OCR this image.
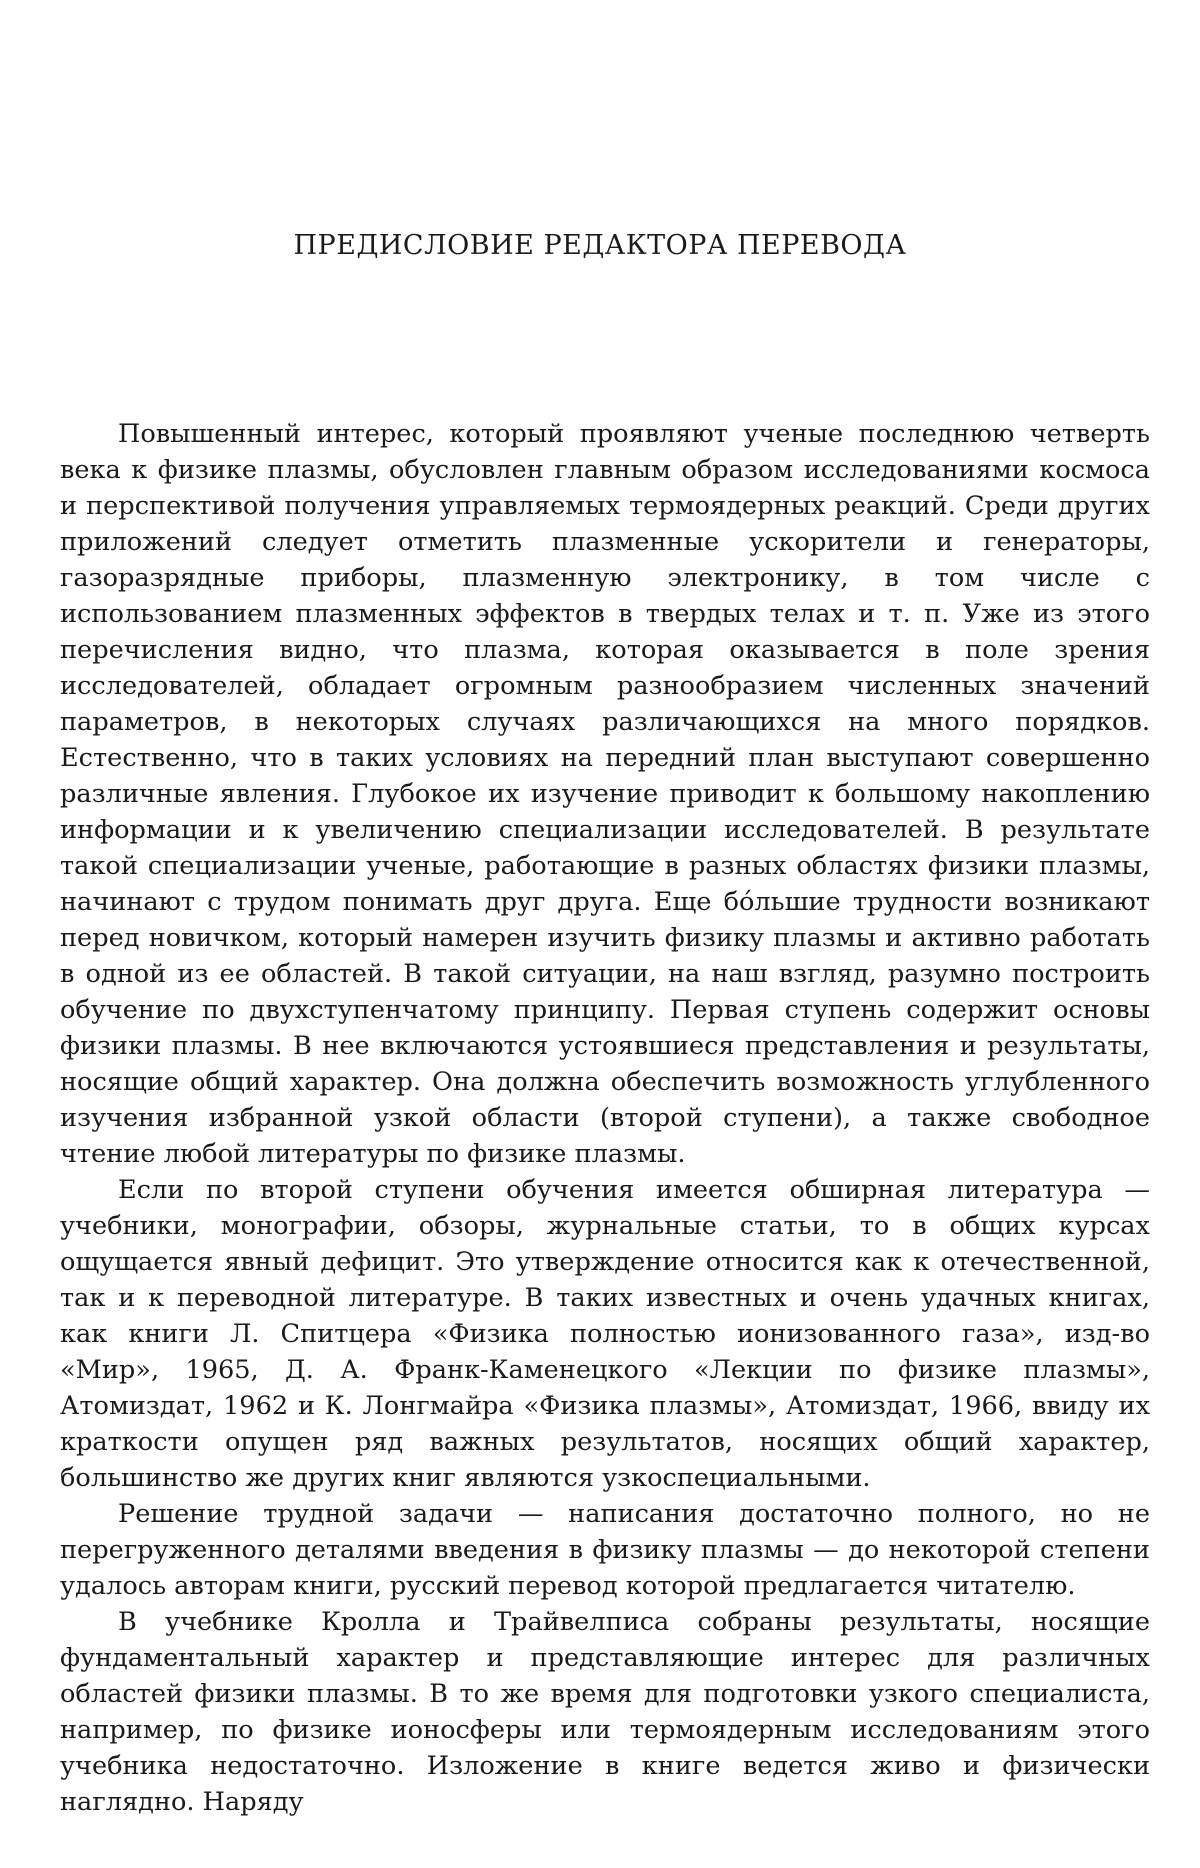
ПРЕДИСЛОВИЕ РЕДАКТОРА ПЕРЕВОДА

Повышенный интерес, который проявляют ученые последнюю четверть века к физике плазмы, обусловлен главным образом исследованиями космоса и перспективой получения управляемых термоядерных реакций. Среди других приложений следует отметить плазменные ускорители и генераторы, газоразрядные приборы, плазменную электронику, в том числе с использованием плазменных эффектов в твердых телах и т. п. Уже из этого перечисления видно, что плазма, которая оказывается в поле зрения исследователей, обладает огромным разнообразием численных значений параметров, в некоторых случаях различающихся на много порядков. Естественно, что в таких условиях на передний план выступают совершенно различные явления. Глубокое их изучение приводит к большому накоплению информации и к увеличению специализации исследователей. В результате такой специализации ученые, работающие в разных областях физики плазмы, начинают с трудом понимать друг друга. Еще бо́льшие трудности возникают перед новичком, который намерен изучить физику плазмы и активно работать в одной из ее областей. В такой ситуации, на наш взгляд, разумно построить обучение по двухступенчатому принципу. Первая ступень содержит основы физики плазмы. В нее включаются устоявшиеся представления и результаты, носящие общий характер. Она должна обеспечить возможность углубленного изучения избранной узкой области (второй ступени), а также свободное чтение любой литературы по физике плазмы.

Если по второй ступени обучения имеется обширная литература — учебники, монографии, обзоры, журнальные статьи, то в общих курсах ощущается явный дефицит. Это утверждение относится как к отечественной, так и к переводной литературе. В таких известных и очень удачных книгах, как книги Л. Спитцера «Физика полностью ионизованного газа», изд-во «Мир», 1965, Д. А. Франк-Каменецкого «Лекции по физике плазмы», Атомиздат, 1962 и К. Лонгмайра «Физика плазмы», Атомиздат, 1966, ввиду их краткости опущен ряд важных результатов, носящих общий характер, большинство же других книг являются узкоспециальными.

Решение трудной задачи — написания достаточно полного, но не перегруженного деталями введения в физику плазмы — до некоторой степени удалось авторам книги, русский перевод которой предлагается читателю.

В учебнике Кролла и Трайвелписа собраны результаты, носящие фундаментальный характер и представляющие интерес для различных областей физики плазмы. В то же время для подготовки узкого специалиста, например, по физике ионосферы или термоядерным исследованиям этого учебника недостаточно. Изложение в книге ведется живо и физически наглядно. Наряду
